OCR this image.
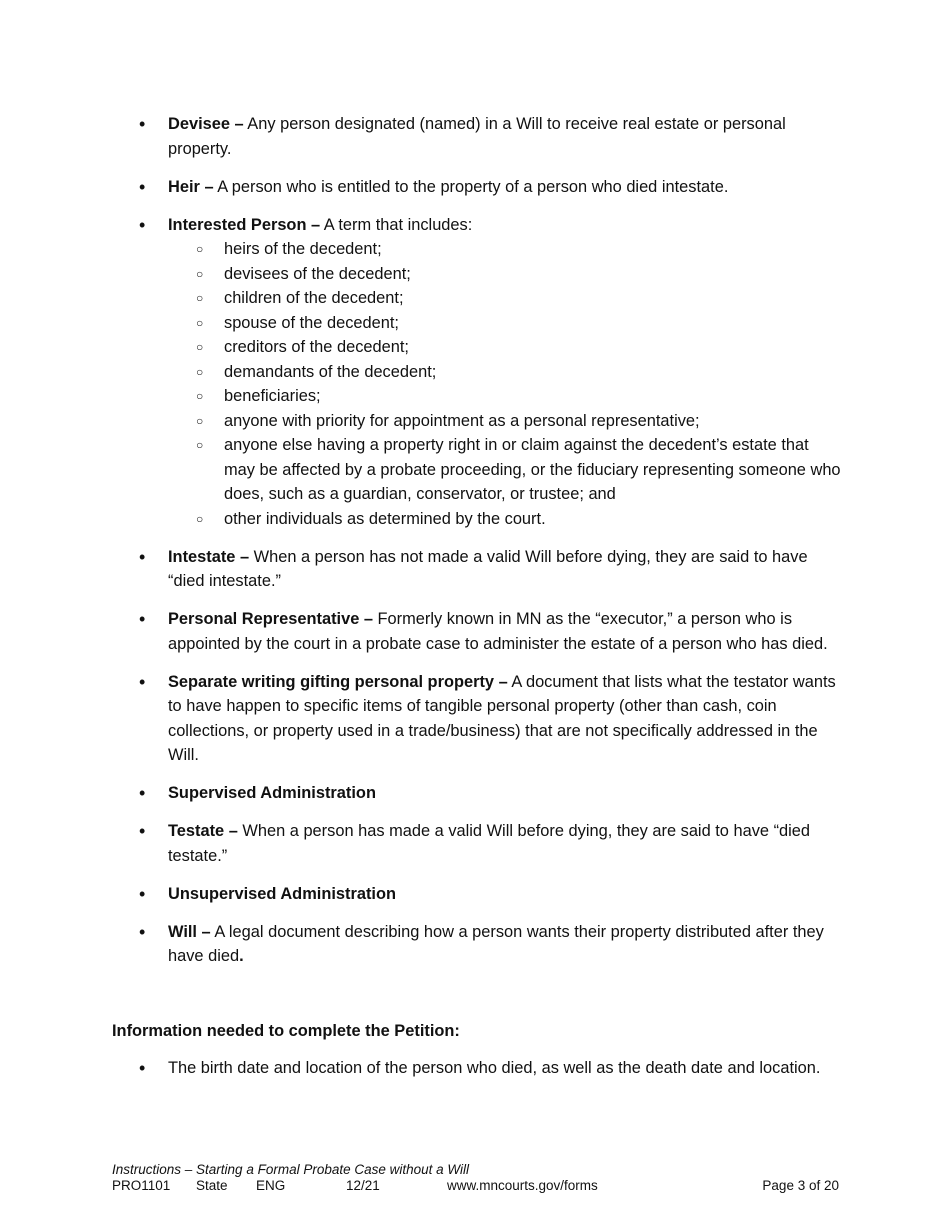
• Devisee – Any person designated (named) in a Will to receive real estate or personal property.
• Heir – A person who is entitled to the property of a person who died intestate.
• Interested Person – A term that includes:
○ heirs of the decedent;
○ devisees of the decedent;
○ children of the decedent;
○ spouse of the decedent;
○ creditors of the decedent;
○ demandants of the decedent;
○ beneficiaries;
○ anyone with priority for appointment as a personal representative;
○ anyone else having a property right in or claim against the decedent’s estate that may be affected by a probate proceeding, or the fiduciary representing someone who does, such as a guardian, conservator, or trustee; and
○ other individuals as determined by the court.
• Intestate – When a person has not made a valid Will before dying, they are said to have “died intestate.”
• Personal Representative – Formerly known in MN as the “executor,” a person who is appointed by the court in a probate case to administer the estate of a person who has died.
• Separate writing gifting personal property – A document that lists what the testator wants to have happen to specific items of tangible personal property (other than cash, coin collections, or property used in a trade/business) that are not specifically addressed in the Will.
• Supervised Administration
• Testate – When a person has made a valid Will before dying, they are said to have “died testate.”
• Unsupervised Administration
• Will – A legal document describing how a person wants their property distributed after they have died.
Information needed to complete the Petition:
• The birth date and location of the person who died, as well as the death date and location.
Instructions – Starting a Formal Probate Case without a Will
PRO1101 State ENG	12/21	www.mncourts.gov/forms	Page 3 of 20
